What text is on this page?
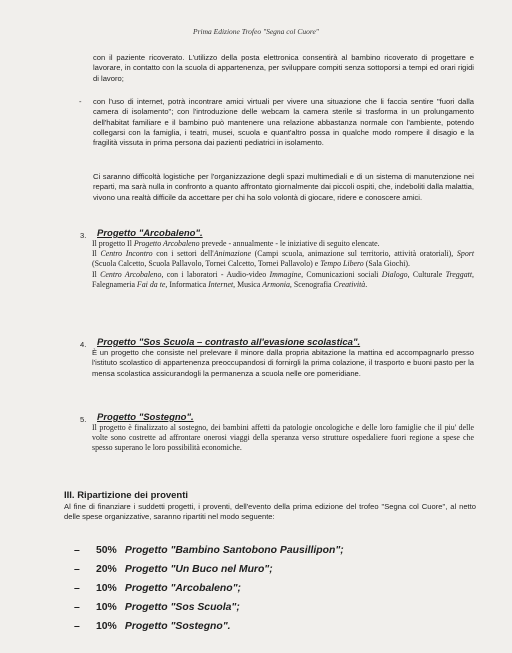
Prima Edizione Trofeo "Segna col Cuore"

con il paziente ricoverato. L'utilizzo della posta elettronica consentirà al bambino ricoverato di progettare e lavorare, in contatto con la scuola di appartenenza, per sviluppare compiti senza sottoporsi a tempi ed orari rigidi di lavoro;

- con l'uso di internet, potrà incontrare amici virtuali per vivere una situazione che li faccia sentire "fuori dalla camera di isolamento"; con l'introduzione delle webcam la camera sterile si trasforma in un prolungamento dell'habitat familiare e il bambino può mantenere una relazione abbastanza normale con l'ambiente, potendo collegarsi con la famiglia, i teatri, musei, scuola e quant'altro possa in qualche modo rompere il disagio e la fragilità vissuta in prima persona dai pazienti pediatrici in isolamento.

Ci saranno difficoltà logistiche per l'organizzazione degli spazi multimediali e di un sistema di manutenzione nei reparti, ma sarà nulla in confronto a quanto affrontato giornalmente dai piccoli ospiti, che, indeboliti dalla malattia, vivono una realtà difficile da accettare per chi ha solo volontà di giocare, ridere e conoscere amici.

3. Progetto "Arcobaleno".

Il progetto Il Progetto Arcobaleno prevede - annualmente - le iniziative di seguito elencate.

Il Centro Incontro con i settori dell'Animazione (Campi scuola, animazione sul territorio, attività oratoriali), Sport (Scuola Calcetto, Scuola Pallavolo, Tornei Calcetto, Tornei Pallavolo) e Tempo Libero (Sala Giochi).

Il Centro Arcobaleno, con i laboratori - Audio-video Immagine, Comunicazioni sociali Dialogo, Culturale Treggatt, Falegnameria Fai da te, Informatica Internet, Musica Armonia, Scenografia Creatività.

4. Progetto "Sos Scuola – contrasto all'evasione scolastica".

È un progetto che consiste nel prelevare il minore dalla propria abitazione la mattina ed accompagnarlo presso l'istituto scolastico di appartenenza preoccupandosi di fornirgli la prima colazione, il trasporto e buoni pasto per la mensa scolastica assicurandogli la permanenza a scuola nelle ore pomeridiane.

5. Progetto "Sostegno".

Il progetto è finalizzato al sostegno, dei bambini affetti da patologie oncologiche e delle loro famiglie che il piu' delle volte sono costrette ad affrontare onerosi viaggi della speranza verso strutture ospedaliere fuori regione a spese che spesso superano le loro possibilità economiche.

III. Ripartizione dei proventi

Al fine di finanziare i suddetti progetti, i proventi, dell'evento della prima edizione del trofeo "Segna col Cuore", al netto delle spese organizzative, saranno ripartiti nel modo seguente:

– 50% Progetto "Bambino Santobono Pausillipon";
– 20% Progetto "Un Buco nel Muro";
– 10% Progetto "Arcobaleno";
– 10% Progetto "Sos Scuola";
– 10% Progetto "Sostegno".
